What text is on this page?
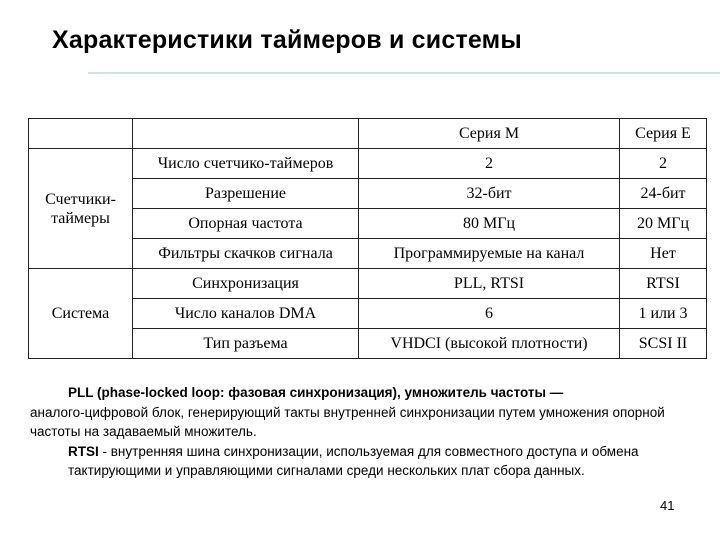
Характеристики таймеров и системы
		Серия М	Серия Е
Счетчики-таймеры	Число счетчико-таймеров	2	2
	Разрешение	32-бит	24-бит
	Опорная частота	80 МГц	20 МГц
	Фильтры скачков сигнала	Программируемые на канал	Нет
Система	Синхронизация	PLL, RTSI	RTSI
	Число каналов DMA	6	1 или 3
	Тип разъема	VHDCI (высокой плотности)	SCSI II

PLL (phase-locked loop: фазовая синхронизация), умножитель частоты —

аналого-цифровой блок, генерирующий такты внутренней синхронизации путем умножения опорной частоты на задаваемый множитель.

RTSI - внутренняя шина синхронизации, используемая для совместного доступа и обмена тактирующими и управляющими сигналами среди нескольких плат сбора данных.

41
